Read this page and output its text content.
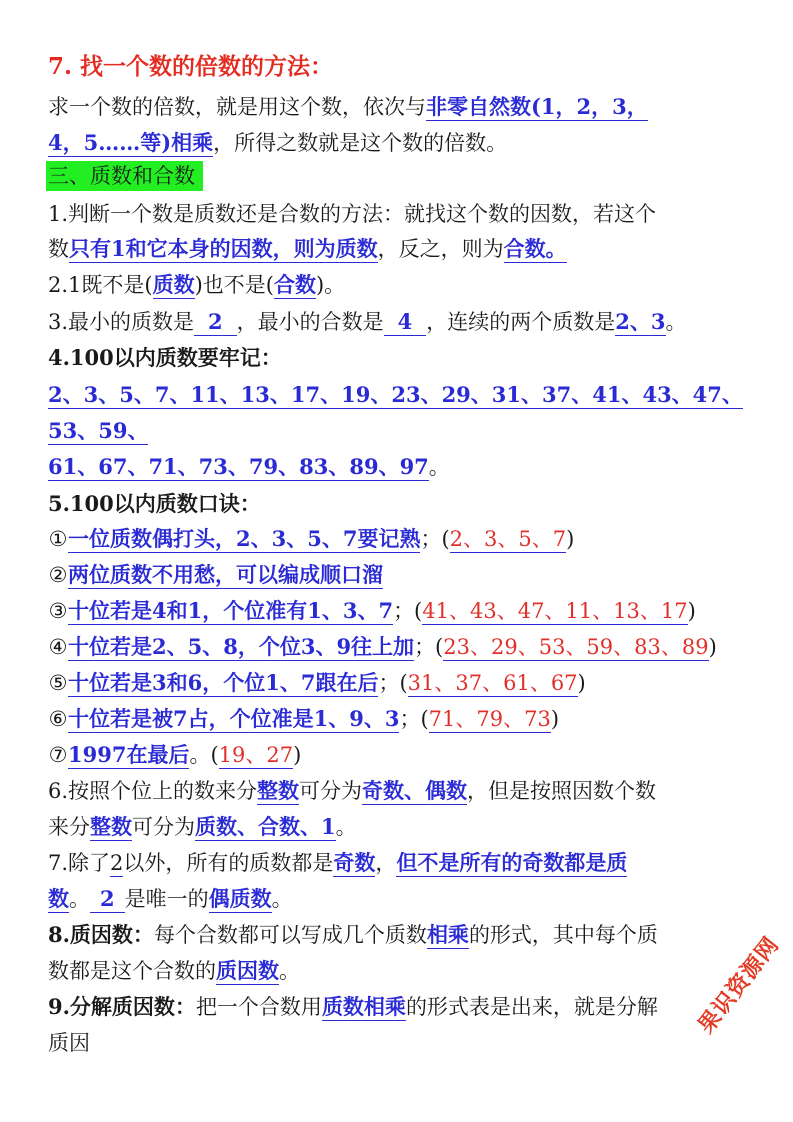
7. 找一个数的倍数的方法：
求一个数的倍数，就是用这个数，依次与非零自然数(1，2，3，
4，5……等)相乘，所得之数就是这个数的倍数。
三、质数和合数
1.判断一个数是质数还是合数的方法：就找这个数的因数，若这个
数只有1和它本身的因数，则为质数，反之，则为合数。
2.1既不是(质数)也不是(合数)。
3.最小的质数是 2 ，最小的合数是 4 ，连续的两个质数是2、3。
4.100以内质数要牢记：
2、3、5、7、11、13、17、19、23、29、31、37、41、43、47、
53、59、
61、67、71、73、79、83、89、97。
5.100以内质数口诀：
①一位质数偶打头，2、3、5、7要记熟；(2、3、5、7)
②两位质数不用愁，可以编成顺口溜
③十位若是4和1，个位准有1、3、7；(41、43、47、11、13、17)
④十位若是2、5、8，个位3、9往上加；(23、29、53、59、83、89)
⑤十位若是3和6，个位1、7跟在后；(31、37、61、67)
⑥十位若是被7占，个位准是1、9、3；(71、79、73)
⑦1997在最后。(19、27)
6.按照个位上的数来分整数可分为奇数、偶数，但是按照因数个数
来分整数可分为质数、合数、1。
7.除了2以外，所有的质数都是奇数，但不是所有的奇数都是质
数。 2 是唯一的偶质数。
8.质因数：每个合数都可以写成几个质数相乘的形式，其中每个质
数都是这个合数的质因数。
9.分解质因数：把一个合数用质数相乘的形式表是出来，就是分解
质因
果识资源网
